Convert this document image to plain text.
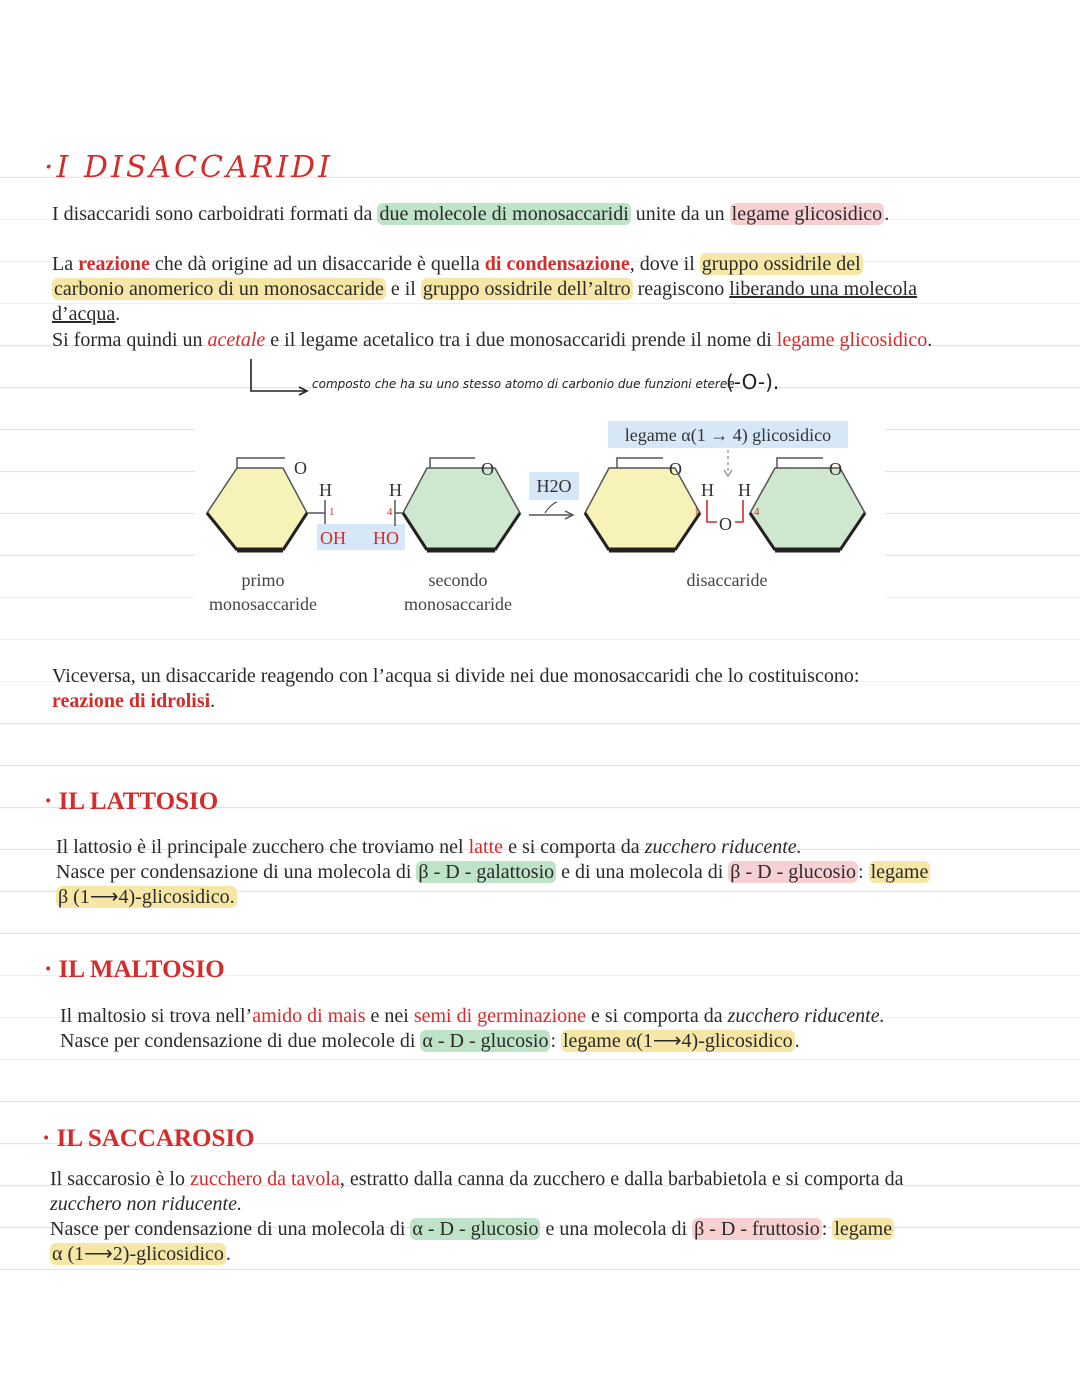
·I DISACCARIDI
I disaccaridi sono carboidrati formati da due molecole di monosaccaridi unite da un legame glicosidico .
La reazione che dà origine ad un disaccaride è quella di condensazione, dove il gruppo ossidrile del
carbonio anomerico di un monosaccaride e il gruppo ossidrile dell’altro reagiscono liberando una molecola
d’acqua.
Si forma quindi un acetale e il legame acetalico tra i due monosaccaridi prende il nome di legame glicosidico.
composto che ha su uno stesso atomo di carbonio due funzioni eteree
(-O-).
legame α(1 → 4) glicosidico
O
H
1
OH HO
O
H
4
H2O
O	O
H H
1	4
O
primo
monosaccaride
secondo
monosaccaride
disaccaride
Viceversa, un disaccaride reagendo con l’acqua si divide nei due monosaccaridi che lo costituiscono:
reazione di idrolisi.
· IL LATTOSIO
Il lattosio è il principale zucchero che troviamo nel latte e si comporta da zucchero riducente.
Nasce per condensazione di una molecola di β - D - galattosio e di una molecola di β - D - glucosio : legame
β (1⟶4)-glicosidico.
· IL MALTOSIO
Il maltosio si trova nell’amido di mais e nei semi di germinazione e si comporta da zucchero riducente.
Nasce per condensazione di due molecole di α - D - glucosio : legame α(1⟶4)-glicosidico .
· IL SACCAROSIO
Il saccarosio è lo zucchero da tavola, estratto dalla canna da zucchero e dalla barbabietola e si comporta da
zucchero non riducente.
Nasce per condensazione di una molecola di α - D - glucosio e una molecola di β - D - fruttosio : legame
α (1⟶2)-glicosidico .
